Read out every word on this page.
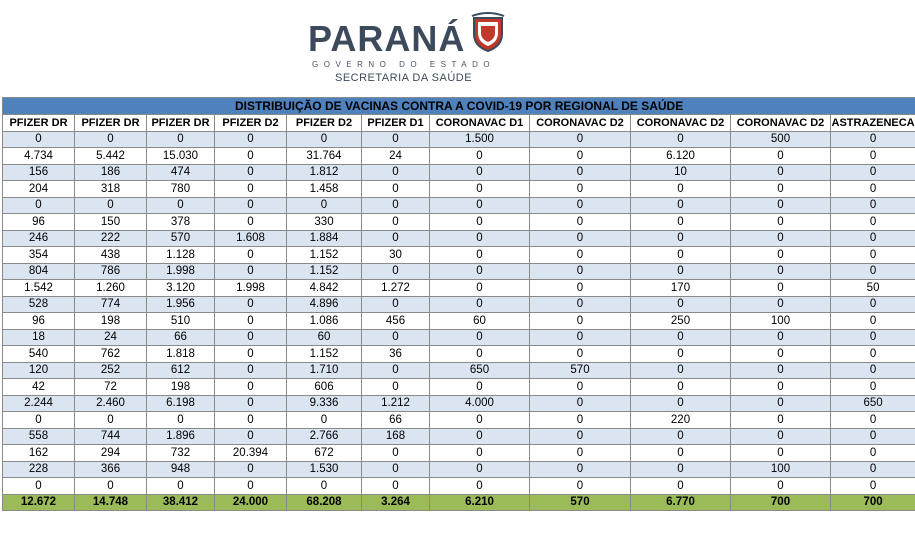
PARANÁ
GOVERNO DO ESTADO
SECRETARIA DA SAÚDE
DISTRIBUIÇÃO DE VACINAS CONTRA A COVID-19 POR REGIONAL DE SAÚDE										
PFIZER DR	PFIZER DR	PFIZER DR	PFIZER D2	PFIZER D2	PFIZER D1	CORONAVAC D1	CORONAVAC D2	CORONAVAC D2	CORONAVAC D2	ASTRAZENECA
0	0	0	0	0	0	1.500	0	0	500	0
4.734	5.442	15.030	0	31.764	24	0	0	6.120	0	0
156	186	474	0	1.812	0	0	0	10	0	0
204	318	780	0	1.458	0	0	0	0	0	0
0	0	0	0	0	0	0	0	0	0	0
96	150	378	0	330	0	0	0	0	0	0
246	222	570	1.608	1.884	0	0	0	0	0	0
354	438	1.128	0	1.152	30	0	0	0	0	0
804	786	1.998	0	1.152	0	0	0	0	0	0
1.542	1.260	3.120	1.998	4.842	1.272	0	0	170	0	50
528	774	1.956	0	4.896	0	0	0	0	0	0
96	198	510	0	1.086	456	60	0	250	100	0
18	24	66	0	60	0	0	0	0	0	0
540	762	1.818	0	1.152	36	0	0	0	0	0
120	252	612	0	1.710	0	650	570	0	0	0
42	72	198	0	606	0	0	0	0	0	0
2.244	2.460	6.198	0	9.336	1.212	4.000	0	0	0	650
0	0	0	0	0	66	0	0	220	0	0
558	744	1.896	0	2.766	168	0	0	0	0	0
162	294	732	20.394	672	0	0	0	0	0	0
228	366	948	0	1.530	0	0	0	0	100	0
0	0	0	0	0	0	0	0	0	0	0
12.672	14.748	38.412	24.000	68.208	3.264	6.210	570	6.770	700	700
